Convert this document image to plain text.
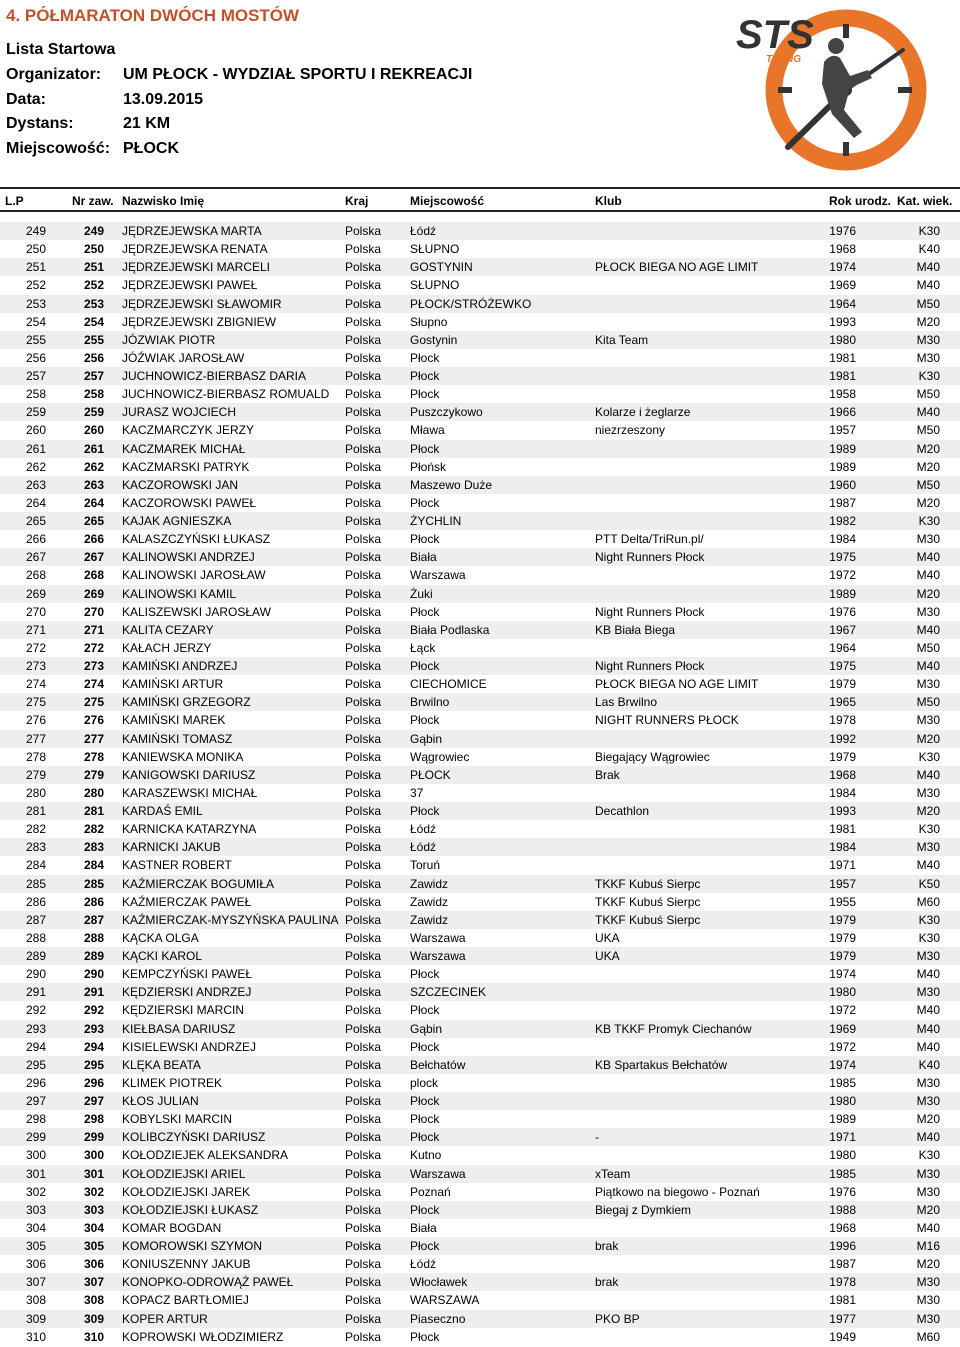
4. PÓŁMARATON DWÓCH MOSTÓW
Lista Startowa
Organizator: UM PŁOCK - WYDZIAŁ SPORTU I REKREACJI
Data:	13.09.2015
Dystans:	21 KM
Miejscowość: PŁOCK
STS
TIMING
L.P	Nr zaw. Nazwisko Imię	Kraj	Miejscowość	Klub	Rok urodz. Kat. wiek.
249	249 JĘDRZEJEWSKA MARTA	Polska Łódź	1976	K30
250	250 JĘDRZEJEWSKA RENATA	Polska SŁUPNO	1968	K40
251	251 JĘDRZEJEWSKI MARCELI	Polska GOSTYNIN	PŁOCK BIEGA NO AGE LIMIT	1974	M40
252	252 JĘDRZEJEWSKI PAWEŁ	Polska SŁUPNO	1969	M40
253	253 JĘDRZEJEWSKI SŁAWOMIR	Polska PŁOCK/STRÓŻEWKO	1964	M50
254	254 JĘDRZEJEWSKI ZBIGNIEW	Polska Słupno	1993	M20
255	255 JÓZWIAK PIOTR	Polska Gostynin	Kita Team	1980	M30
256	256 JÓŹWIAK JAROSŁAW	Polska Płock	1981	M30
257	257 JUCHNOWICZ-BIERBASZ DARIA	Polska Płock	1981	K30
258	258 JUCHNOWICZ-BIERBASZ ROMUALD Polska Płock	1958	M50
259	259 JURASZ WOJCIECH	Polska Puszczykowo	Kolarze i żeglarze	1966	M40
260	260 KACZMARCZYK JERZY	Polska Mława	niezrzeszony	1957	M50
261	261 KACZMAREK MICHAŁ	Polska Płock	1989	M20
262	262 KACZMARSKI PATRYK	Polska Płońsk	1989	M20
263	263 KACZOROWSKI JAN	Polska Maszewo Duże	1960	M50
264	264 KACZOROWSKI PAWEŁ	Polska Płock	1987	M20
265	265 KAJAK AGNIESZKA	Polska ŻYCHLIN	1982	K30
266	266 KALASZCZYŃSKI ŁUKASZ	Polska Płock	PTT Delta/TriRun.pl/	1984	M30
267	267 KALINOWSKI ANDRZEJ	Polska Biała	Night Runners Płock	1975	M40
268	268 KALINOWSKI JAROSŁAW	Polska Warszawa	1972	M40
269	269 KALINOWSKI KAMIL	Polska Żuki	1989	M20
270	270 KALISZEWSKI JAROSŁAW	Polska Płock	Night Runners Płock	1976	M30
271	271 KALITA CEZARY	Polska Biała Podlaska	KB Biała Biega	1967	M40
272	272 KAŁACH JERZY	Polska Łąck	1964	M50
273	273 KAMIŃSKI ANDRZEJ	Polska Płock	Night Runners Płock	1975	M40
274	274 KAMIŃSKI ARTUR	Polska CIECHOMICE	PŁOCK BIEGA NO AGE LIMIT	1979	M30
275	275 KAMIŃSKI GRZEGORZ	Polska Brwilno	Las Brwilno	1965	M50
276	276 KAMIŃSKI MAREK	Polska Płock	NIGHT RUNNERS PŁOCK	1978	M30
277	277 KAMIŃSKI TOMASZ	Polska Gąbin	1992	M20
278	278 KANIEWSKA MONIKA	Polska Wągrowiec	Biegający Wągrowiec	1979	K30
279	279 KANIGOWSKI DARIUSZ	Polska PŁOCK	Brak	1968	M40
280	280 KARASZEWSKI MICHAŁ	Polska 37	1984	M30
281	281 KARDAŚ EMIL	Polska Płock	Decathlon	1993	M20
282	282 KARNICKA KATARZYNA	Polska Łódź	1981	K30
283	283 KARNICKI JAKUB	Polska Łódź	1984	M30
284	284 KASTNER ROBERT	Polska Toruń	1971	M40
285	285 KAŹMIERCZAK BOGUMIŁA	Polska Zawidz	TKKF Kubuś Sierpc	1957	K50
286	286 KAŹMIERCZAK PAWEŁ	Polska Zawidz	TKKF Kubuś Sierpc	1955	M60
287	287 KAŹMIERCZAK-MYSZYŃSKA PAULINA Polska Zawidz	TKKF Kubuś Sierpc	1979	K30
288	288 KĄCKA OLGA	Polska Warszawa	UKA	1979	K30
289	289 KĄCKI KAROL	Polska Warszawa	UKA	1979	M30
290	290 KEMPCZYŃSKI PAWEŁ	Polska Płock	1974	M40
291	291 KĘDZIERSKI ANDRZEJ	Polska SZCZECINEK	1980	M30
292	292 KĘDZIERSKI MARCIN	Polska Płock	1972	M40
293	293 KIEŁBASA DARIUSZ	Polska Gąbin	KB TKKF Promyk Ciechanów	1969	M40
294	294 KISIELEWSKI ANDRZEJ	Polska Płock	1972	M40
295	295 KLĘKA BEATA	Polska Bełchatów	KB Spartakus Bełchatów	1974	K40
296	296 KLIMEK PIOTREK	Polska plock	1985	M30
297	297 KŁOS JULIAN	Polska Płock	1980	M30
298	298 KOBYLSKI MARCIN	Polska Płock	1989	M20
299	299 KOLIBCZYŃSKI DARIUSZ	Polska Płock	-	1971	M40
300	300 KOŁODZIEJEK ALEKSANDRA	Polska Kutno	1980	K30
301	301 KOŁODZIEJSKI ARIEL	Polska Warszawa	xTeam	1985	M30
302	302 KOŁODZIEJSKI JAREK	Polska Poznań	Piątkowo na biegowo - Poznań	1976	M30
303	303 KOŁODZIEJSKI ŁUKASZ	Polska Płock	Biegaj z Dymkiem	1988	M20
304	304 KOMAR BOGDAN	Polska Biała	1968	M40
305	305 KOMOROWSKI SZYMON	Polska Płock	brak	1996	M16
306	306 KONIUSZENNY JAKUB	Polska Łódź	1987	M20
307	307 KONOPKO-ODROWĄŻ PAWEŁ	Polska Włocławek	brak	1978	M30
308	308 KOPACZ BARTŁOMIEJ	Polska WARSZAWA	1981	M30
309	309 KOPER ARTUR	Polska Piaseczno	PKO BP	1977	M30
310	310 KOPROWSKI WŁODZIMIERZ	Polska Płock	1949	M60
